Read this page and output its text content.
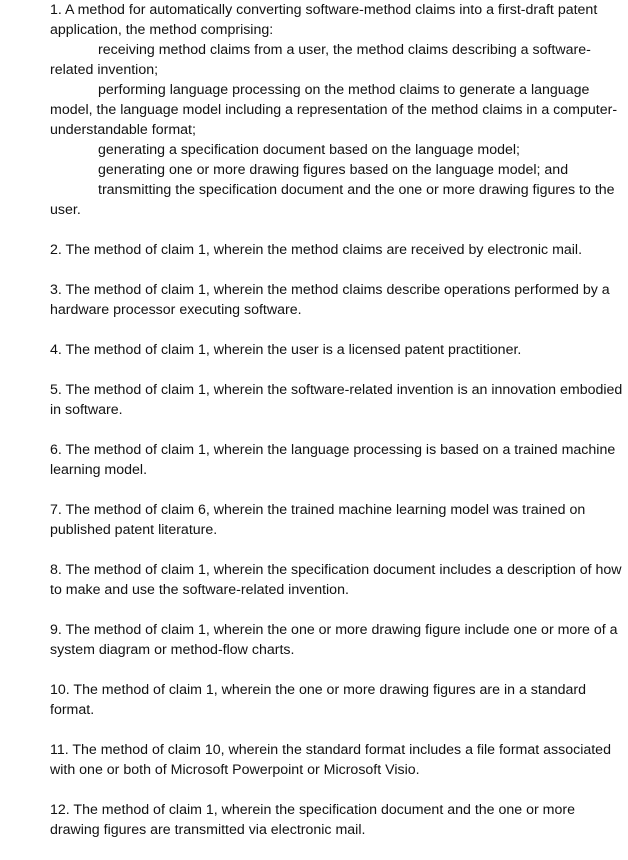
1. A method for automatically converting software-method claims into a first-draft patent application, the method comprising:
receiving method claims from a user, the method claims describing a software-related invention;
performing language processing on the method claims to generate a language model, the language model including a representation of the method claims in a computer-understandable format;
generating a specification document based on the language model;
generating one or more drawing figures based on the language model; and
transmitting the specification document and the one or more drawing figures to the user.
2. The method of claim 1, wherein the method claims are received by electronic mail.
3. The method of claim 1, wherein the method claims describe operations performed by a hardware processor executing software.
4. The method of claim 1, wherein the user is a licensed patent practitioner.
5. The method of claim 1, wherein the software-related invention is an innovation embodied in software.
6. The method of claim 1, wherein the language processing is based on a trained machine learning model.
7. The method of claim 6, wherein the trained machine learning model was trained on published patent literature.
8. The method of claim 1, wherein the specification document includes a description of how to make and use the software-related invention.
9. The method of claim 1, wherein the one or more drawing figure include one or more of a system diagram or method-flow charts.
10. The method of claim 1, wherein the one or more drawing figures are in a standard format.
11. The method of claim 10, wherein the standard format includes a file format associated with one or both of Microsoft Powerpoint or Microsoft Visio.
12. The method of claim 1, wherein the specification document and the one or more drawing figures are transmitted via electronic mail.
